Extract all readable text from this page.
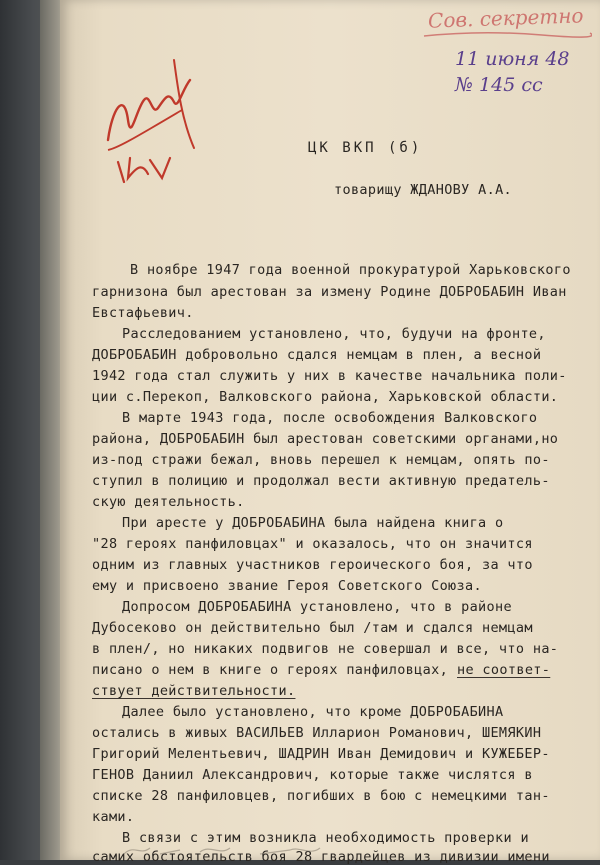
Сов. секретно
11 июня 48
№ 145 сс
ЦК ВКП (б)
товарищу ЖДАНОВУ А.А.
В ноябре 1947 года военной прокуратурой Харьковского
гарнизона был арестован за измену Родине ДОБРОБАБИН Иван
Евстафьевич.
Расследованием установлено, что, будучи на фронте,
ДОБРОБАБИН добровольно сдался немцам в плен, а весной
1942 года стал служить у них в качестве начальника поли-
ции с.Перекоп, Валковского района, Харьковской области.
В марте 1943 года, после освобождения Валковского
района, ДОБРОБАБИН был арестован советскими органами,но
из-под стражи бежал, вновь перешел к немцам, опять по-
ступил в полицию и продолжал вести активную предатель-
скую деятельность.
При аресте у ДОБРОБАБИНА была найдена книга о
"28 героях панфиловцах" и оказалось, что он значится
одним из главных участников героического боя, за что
ему и присвоено звание Героя Советского Союза.
Допросом ДОБРОБАБИНА установлено, что в районе
Дубосеково он действительно был /там и сдался немцам
в плен/, но никаких подвигов не совершал и все, что на-
писано о нем в книге о героях панфиловцах, не соответ-
ствует действительности.
Далее было установлено, что кроме ДОБРОБАБИНА
остались в живых ВАСИЛЬЕВ Илларион Романович, ШЕМЯКИН
Григорий Мелентьевич, ШАДРИН Иван Демидович и КУЖЕБЕР-
ГЕНОВ Даниил Александрович, которые также числятся в
списке 28 панфиловцев, погибших в бою с немецкими тан-
ками.
В связи с этим возникла необходимость проверки и
самих обстоятельств боя 28 гвардейцев из дивизии имени
